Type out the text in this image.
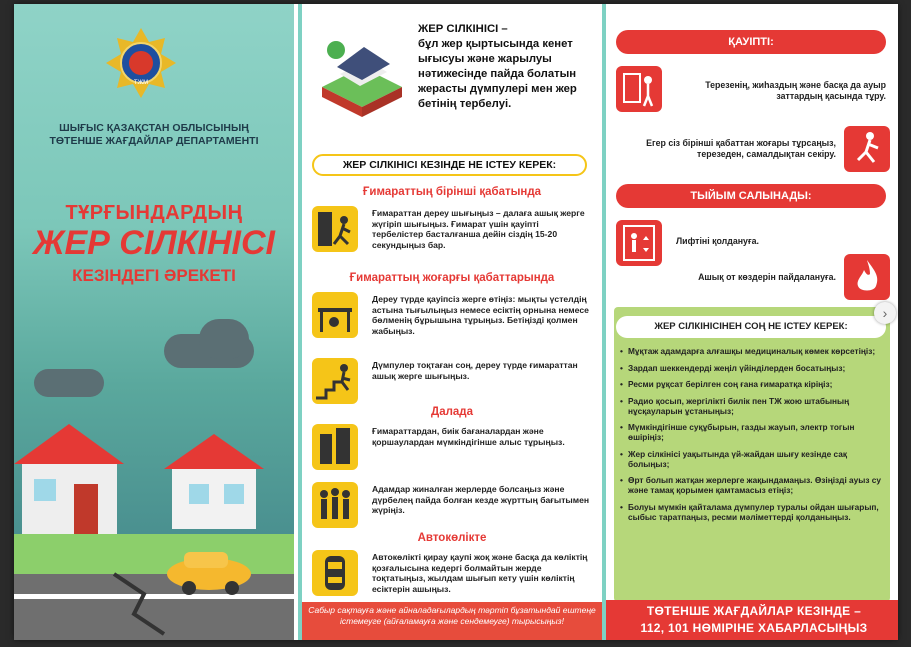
ТЖМ
ШЫҒЫС ҚАЗАҚСТАН ОБЛЫСЫНЫҢ
ТӨТЕНШЕ ЖАҒДАЙЛАР ДЕПАРТАМЕНТІ
ТҰРҒЫНДАРДЫҢ
ЖЕР СІЛКІНІСІ
КЕЗІНДЕГІ ӘРЕКЕТІ
ЖЕР СІЛКІНІСІ –
бұл жер қыртысында кенет ығысуы және жарылуы нәтижесінде пайда болатын жерасты дүмпулері мен жер бетінің тербелуі.
ЖЕР СІЛКІНІСІ КЕЗІНДЕ НЕ ІСТЕУ КЕРЕК:
Ғимараттың бірінші қабатында
Ғимараттан дереу шығыңыз – далаға ашық жерге жүгіріп шығыңыз. Ғимарат үшін қауіпті тербелістер басталғанша дейін сіздің 15-20 секундыңыз бар.
Ғимараттың жоғарғы қабаттарында
Дереу түрде қауіпсіз жерге өтіңіз: мықты үстелдің астына тығылыңыз немесе есіктің орнына немесе бөлменің бұрышына тұрыңыз. Бетіңізді қолмен жабыңыз.
Дүмпулер тоқтаған соң, дереу түрде ғимараттан ашық жерге шығыңыз.
Далада
Ғимараттардан, биік бағаналардан және қоршаулардан мүмкіндігінше алыс тұрыңыз.
Адамдар жиналған жерлерде болсаңыз және дүрбелең пайда болған кезде жүрттың бағытымен жүріңіз.
Автокөлікте
Автокөлікті қирау қаупі жоқ және басқа да көліктің қозғалысына кедергі болмайтын жерде тоқтатыңыз, жылдам шығып кету үшін көліктің есіктерін ашыңыз.
Сабыр сақтауға және айналадағылардың тәртіп бұзатындай ештеңе істемеуге (айғаламауға және сендемеуге) тырысыңыз!
ҚАУІПТІ:
Терезенің, жиһаздың және басқа да ауыр заттардың қасында тұру.
Егер сіз бірінші қабаттан жоғары тұрсаңыз, терезеден, самалдықтан секіру.
ТЫЙЫМ САЛЫНАДЫ:
Лифтіні қолдануға.
Ашық от көздерін пайдалануға.
ЖЕР СІЛКІНІСІНЕН СОҢ НЕ ІСТЕУ КЕРЕК:
• Мұқтаж адамдарға алғашқы медициналық көмек көрсетіңіз;
• Зардап шеккендерді жеңіл үйінділерден босатыңыз;
• Ресми рұқсат берілген соң ғана ғимаратқа кіріңіз;
• Радио қосып, жергілікті билік пен ТЖ жою штабының нұсқауларын ұстаныңыз;
• Мүмкіндігінше суқұбырын, газды жауып, электр тогын өшіріңіз;
• Жер сілкінісі уақытында үй-жайдан шығу кезінде сақ болыңыз;
• Өрт болып жатқан жерлерге жақындамаңыз. Өзіңізді ауыз су және тамақ қорымен қамтамасыз етіңіз;
• Болуы мүмкін қайталама дүмпулер туралы ойдан шығарып, сыбыс таратпаңыз, ресми мәліметтерді қолданыңыз.
ТӨТЕНШЕ ЖАҒДАЙЛАР КЕЗІНДЕ –
112, 101 НӨМІРІНЕ ХАБАРЛАСЫҢЫЗ
›
